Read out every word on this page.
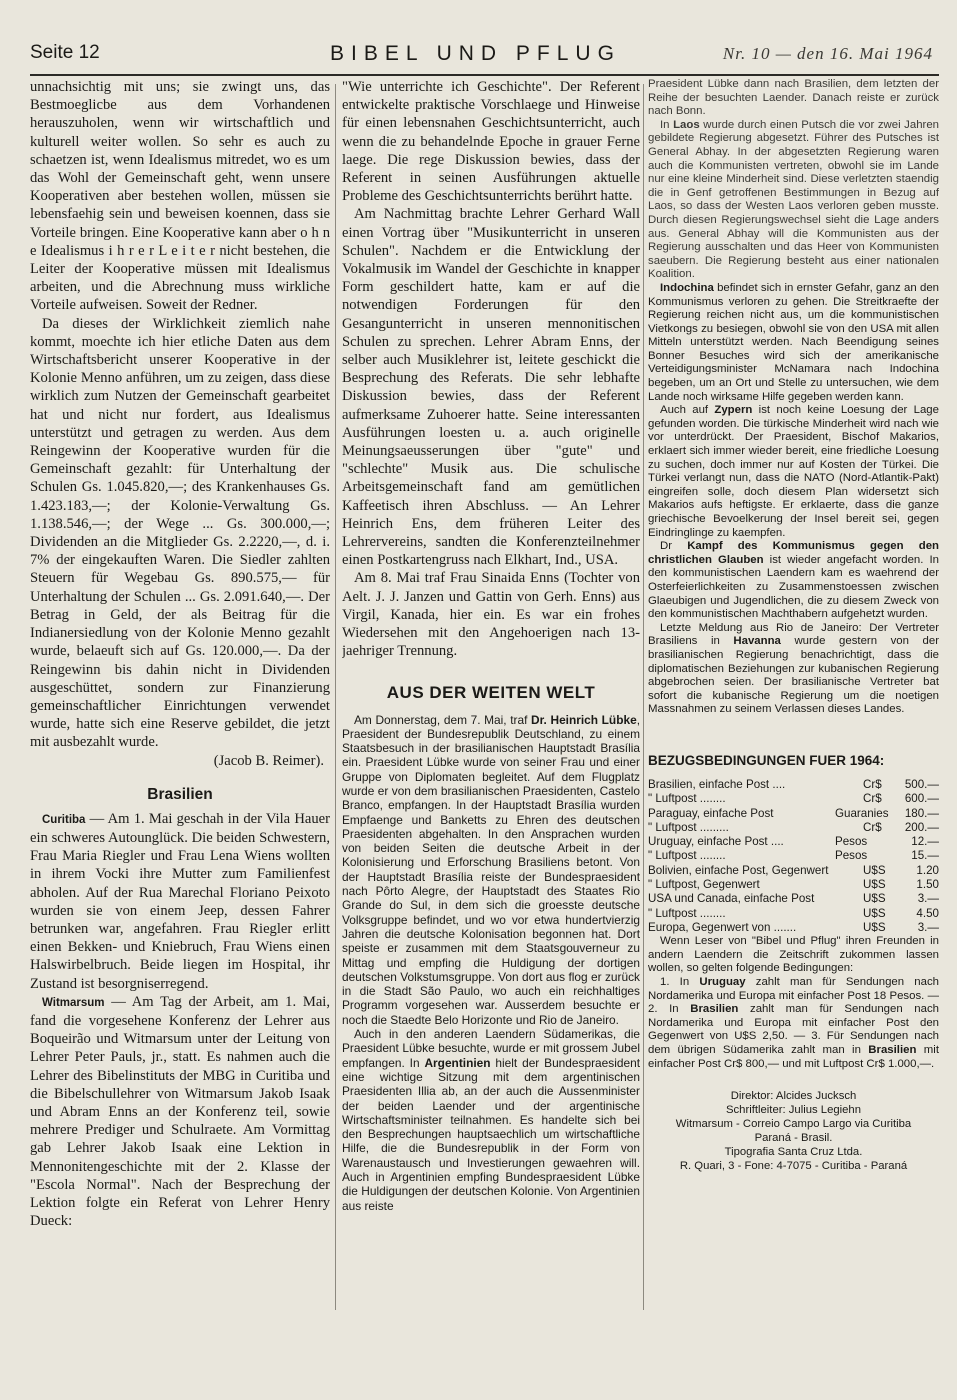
Seite 12	BIBEL UND PFLUG	Nr. 10 — den 16. Mai 1964

unnachsichtig mit uns; sie zwingt uns, das Bestmoeglicbe aus dem Vorhandenen herauszuholen, wenn wir wirtschaftlich und kulturell weiter wollen. So sehr es auch zu schaetzen ist, wenn Idealismus mitredet, wo es um das Wohl der Gemeinschaft geht, wenn unsere Kooperativen aber bestehen wollen, müssen sie lebensfaehig sein und beweisen koennen, dass sie Vorteile bringen. Eine Kooperative kann aber o h n e Idealismus i h r e r L e i t e r nicht bestehen, die Leiter der Kooperative müssen mit Idealismus arbeiten, und die Abrechnung muss wirkliche Vorteile aufweisen. Soweit der Redner.

Da dieses der Wirklichkeit ziemlich nahe kommt, moechte ich hier etliche Daten aus dem Wirtschaftsbericht unserer Kooperative in der Kolonie Menno anführen, um zu zeigen, dass diese wirklich zum Nutzen der Gemeinschaft gearbeitet hat und nicht nur fordert, aus Idealismus unterstützt und getragen zu werden. Aus dem Reingewinn der Kooperative wurden für die Gemeinschaft gezahlt: für Unterhaltung der Schulen Gs. 1.045.820,—; des Krankenhauses Gs. 1.423.183,—; der Kolonie-Verwaltung Gs. 1.138.546,—; der Wege ... Gs. 300.000,—; Dividenden an die Mitglieder Gs. 2.2220,—, d. i. 7% der eingekauften Waren. Die Siedler zahlten Steuern für Wegebau Gs. 890.575,— für Unterhaltung der Schulen ... Gs. 2.091.640,—. Der Betrag in Geld, der als Beitrag für die Indianersiedlung von der Kolonie Menno gezahlt wurde, belaeuft sich auf Gs. 120.000,—. Da der Reingewinn bis dahin nicht in Dividenden ausgeschüttet, sondern zur Finanzierung gemeinschaftlicher Einrichtungen verwendet wurde, hatte sich eine Reserve gebildet, die jetzt mit ausbezahlt wurde.

(Jacob B. Reimer).

Brasilien

Curitiba — Am 1. Mai geschah in der Vila Hauer ein schweres Autounglück. Die beiden Schwestern, Frau Maria Riegler und Frau Lena Wiens wollten in ihrem Vocki ihre Mutter zum Familienfest abholen. Auf der Rua Marechal Floriano Peixoto wurden sie von einem Jeep, dessen Fahrer betrunken war, angefahren. Frau Riegler erlitt einen Bekken- und Kniebruch, Frau Wiens einen Halswirbelbruch. Beide liegen im Hospital, ihr Zustand ist besorgniserregend.

Witmarsum — Am Tag der Arbeit, am 1. Mai, fand die vorgesehene Konferenz der Lehrer aus Boqueirão und Witmarsum unter der Leitung von Lehrer Peter Pauls, jr., statt. Es nahmen auch die Lehrer des Bibelinstituts der MBG in Curitiba und die Bibelschullehrer von Witmarsum Jakob Isaak und Abram Enns an der Konferenz teil, sowie mehrere Prediger und Schulraete. Am Vormittag gab Lehrer Jakob Isaak eine Lektion in Mennonitengeschichte mit der 2. Klasse der "Escola Normal". Nach der Besprechung der Lektion folgte ein Referat von Lehrer Henry Dueck:

"Wie unterrichte ich Geschichte". Der Referent entwickelte praktische Vorschlaege und Hinweise für einen lebensnahen Geschichtsunterricht, auch wenn die zu behandelnde Epoche in grauer Ferne laege. Die rege Diskussion bewies, dass der Referent in seinen Ausführungen aktuelle Probleme des Geschichtsunterrichts berührt hatte.

Am Nachmittag brachte Lehrer Gerhard Wall einen Vortrag über "Musikunterricht in unseren Schulen". Nachdem er die Entwicklung der Vokalmusik im Wandel der Geschichte in knapper Form geschildert hatte, kam er auf die notwendigen Forderungen für den Gesangunterricht in unseren mennonitischen Schulen zu sprechen. Lehrer Abram Enns, der selber auch Musiklehrer ist, leitete geschickt die Besprechung des Referats. Die sehr lebhafte Diskussion bewies, dass der Referent aufmerksame Zuhoerer hatte. Seine interessanten Ausführungen loesten u. a. auch originelle Meinungsaeusserungen über "gute" und "schlechte" Musik aus. Die schulische Arbeitsgemeinschaft fand am gemütlichen Kaffeetisch ihren Abschluss. — An Lehrer Heinrich Ens, dem früheren Leiter des Lehrervereins, sandten die Konferenzteilnehmer einen Postkartengruss nach Elkhart, Ind., USA.

Am 8. Mai traf Frau Sinaida Enns (Tochter von Aelt. J. J. Janzen und Gattin von Gerh. Enns) aus Virgil, Kanada, hier ein. Es war ein frohes Wiedersehen mit den Angehoerigen nach 13-jaehriger Trennung.

AUS DER WEITEN WELT

Am Donnerstag, dem 7. Mai, traf Dr. Heinrich Lübke, Praesident der Bundesrepublik Deutschland, zu einem Staatsbesuch in der brasilianischen Hauptstadt Brasília ein. Praesident Lübke wurde von seiner Frau und einer Gruppe von Diplomaten begleitet. Auf dem Flugplatz wurde er von dem brasilianischen Praesidenten, Castelo Branco, empfangen. In der Hauptstadt Brasília wurden Empfaenge und Banketts zu Ehren des deutschen Praesidenten abgehalten. In den Ansprachen wurden von beiden Seiten die deutsche Arbeit in der Kolonisierung und Erforschung Brasiliens betont. Von der Hauptstadt Brasília reiste der Bundespraesident nach Pôrto Alegre, der Hauptstadt des Staates Rio Grande do Sul, in dem sich die groesste deutsche Volksgruppe befindet, und wo vor etwa hundertvierzig Jahren die deutsche Kolonisation begonnen hat. Dort speiste er zusammen mit dem Staatsgouverneur zu Mittag und empfing die Huldigung der dortigen deutschen Volkstumsgruppe. Von dort aus flog er zurück in die Stadt São Paulo, wo auch ein reichhaltiges Programm vorgesehen war. Ausserdem besuchte er noch die Staedte Belo Horizonte und Rio de Janeiro.

Auch in den anderen Laendern Südamerikas, die Praesident Lübke besuchte, wurde er mit grossem Jubel empfangen. In Argentinien hielt der Bundespraesident eine wichtige Sitzung mit dem argentinischen Praesidenten Illia ab, an der auch die Aussenminister der beiden Laender und der argentinische Wirtschaftsminister teilnahmen. Es handelte sich bei den Besprechungen hauptsaechlich um wirtschaftliche Hilfe, die die Bundesrepublik in der Form von Warenaustausch und Investierungen gewaehren will. Auch in Argentinien empfing Bundespraesident Lübke die Huldigungen der deutschen Kolonie. Von Argentinien aus reiste

Praesident Lübke dann nach Brasilien, dem letzten der Reihe der besuchten Laender. Danach reiste er zurück nach Bonn.

In Laos wurde durch einen Putsch die vor zwei Jahren gebildete Regierung abgesetzt. Führer des Putsches ist General Abhay. In der abgesetzten Regierung waren auch die Kommunisten vertreten, obwohl sie im Lande nur eine kleine Minderheit sind. Diese verletzten staendig die in Genf getroffenen Bestimmungen in Bezug auf Laos, so dass der Westen Laos verloren geben musste. Durch diesen Regierungswechsel sieht die Lage anders aus. General Abhay will die Kommunisten aus der Regierung ausschalten und das Heer von Kommunisten saeubern. Die Regierung besteht aus einer nationalen Koalition.

Indochina befindet sich in ernster Gefahr, ganz an den Kommunismus verloren zu gehen. Die Streitkraefte der Regierung reichen nicht aus, um die kommunistischen Vietkongs zu besiegen, obwohl sie von den USA mit allen Mitteln unterstützt werden. Nach Beendigung seines Bonner Besuches wird sich der amerikanische Verteidigungsminister McNamara nach Indochina begeben, um an Ort und Stelle zu untersuchen, wie dem Lande noch wirksame Hilfe gegeben werden kann.

Auch auf Zypern ist noch keine Loesung der Lage gefunden worden. Die türkische Minderheit wird nach wie vor unterdrückt. Der Praesident, Bischof Makarios, erklaert sich immer wieder bereit, eine friedliche Loesung zu suchen, doch immer nur auf Kosten der Türkei. Die Türkei verlangt nun, dass die NATO (Nord-Atlantik-Pakt) eingreifen solle, doch diesem Plan widersetzt sich Makarios aufs heftigste. Er erklaerte, dass die ganze griechische Bevoelkerung der Insel bereit sei, gegen Eindringlinge zu kaempfen.

Dr Kampf des Kommunismus gegen den christlichen Glauben ist wieder angefacht worden. In den kommunistischen Laendern kam es waehrend der Osterfeierlichkeiten zu Zusammenstoessen zwischen Glaeubigen und Jugendlichen, die zu diesem Zweck von den kommunistischen Machthabern aufgehetzt wurden.

Letzte Meldung aus Rio de Janeiro: Der Vertreter Brasiliens in Havanna wurde gestern von der brasilianischen Regierung benachrichtigt, dass die diplomatischen Beziehungen zur kubanischen Regierung abgebrochen seien. Der brasilianische Vertreter bat sofort die kubanische Regierung um die noetigen Massnahmen zu seinem Verlassen dieses Landes.

BEZUGSBEDINGUNGEN FUER 1964:
Brasilien, einfache Post ....	Cr$	500.—
" Luftpost ........	Cr$	600.—
Paraguay, einfache Post	Guaranies	180.—
" Luftpost .........	Cr$	200.—
Uruguay, einfache Post ....	Pesos	12.—
" Luftpost ........	Pesos	15.—
Bolivien, einfache Post, Gegenwert	U$S	1.20
" Luftpost, Gegenwert	U$S	1.50
USA und Canada, einfache Post	U$S	3.—
" Luftpost ........	U$S	4.50
Europa, Gegenwert von .......	U$S	3.—

Wenn Leser von "Bibel und Pflug" ihren Freunden in andern Laendern die Zeitschrift zukommen lassen wollen, so gelten folgende Bedingungen:

1. In Uruguay zahlt man für Sendungen nach Nordamerika und Europa mit einfacher Post 18 Pesos. — 2. In Brasilien zahlt man für Sendungen nach Nordamerika und Europa mit einfacher Post den Gegenwert von U$S 2,50. — 3. Für Sendungen nach dem übrigen Südamerika zahlt man in Brasilien mit einfacher Post Cr$ 800,— und mit Luftpost Cr$ 1.000,—.

Direktor: Alcides Jucksch
Schriftleiter: Julius Legiehn
Witmarsum - Correio Campo Largo via Curitiba
Paraná - Brasil.
Tipografia Santa Cruz Ltda.
R. Quari, 3 - Fone: 4-7075 - Curitiba - Paraná
